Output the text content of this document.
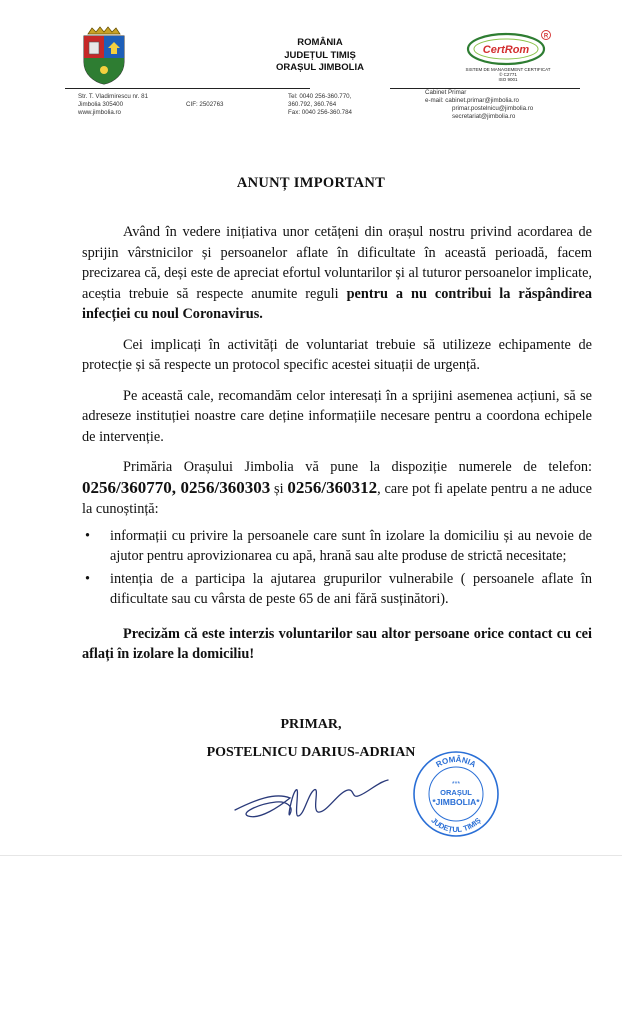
ROMÂNIA
JUDEȚUL TIMIȘ
ORAȘUL JIMBOLIA
CertRom
R
SISTEM DE MANAGEMENT CERTIFICAT
© C2771
ISO 9001
Str. T. Vladimirescu nr. 81
Jimbolia 305400
www.jimbolia.ro
CIF: 2502763
Tel: 0040 256-360.770,
360.792, 360.764
Fax: 0040 256-360.784
Cabinet Primar
e-mail: cabinet.primar@jimbolia.ro
primar.postelnicu@jimbolia.ro
secretariat@jimbolia.ro
ANUNȚ IMPORTANT

Având în vedere inițiativa unor cetățeni din orașul nostru privind acordarea de sprijin vârstnicilor și persoanelor aflate în dificultate în această perioadă, facem precizarea că, deși este de apreciat efortul voluntarilor și al tuturor persoanelor implicate, aceștia trebuie să respecte anumite reguli pentru a nu contribui la răspândirea infecției cu noul Coronavirus.

Cei implicați în activități de voluntariat trebuie să utilizeze echipamente de protecție și să respecte un protocol specific acestei situații de urgență.

Pe această cale, recomandăm celor interesați în a sprijini asemenea acțiuni, să se adreseze instituției noastre care deține informațiile necesare pentru a coordona echipele de intervenție.

Primăria Orașului Jimbolia vă pune la dispoziție numerele de telefon: 0256/360770, 0256/360303 și 0256/360312, care pot fi apelate pentru a ne aduce la cunoștință:

• informații cu privire la persoanele care sunt în izolare la domiciliu și au nevoie de ajutor pentru aprovizionarea cu apă, hrană sau alte produse de strictă necesitate;
• intenția de a participa la ajutarea grupurilor vulnerabile ( persoanele aflate în dificultate sau cu vârsta de peste 65 de ani fără susținători).

Precizăm că este interzis voluntarilor sau altor persoane orice contact cu cei aflați în izolare la domiciliu!

PRIMAR,
POSTELNICU DARIUS-ADRIAN
ROMÂNIA
***
ORAȘUL
*JIMBOLIA*
JUDEȚUL TIMIȘ
